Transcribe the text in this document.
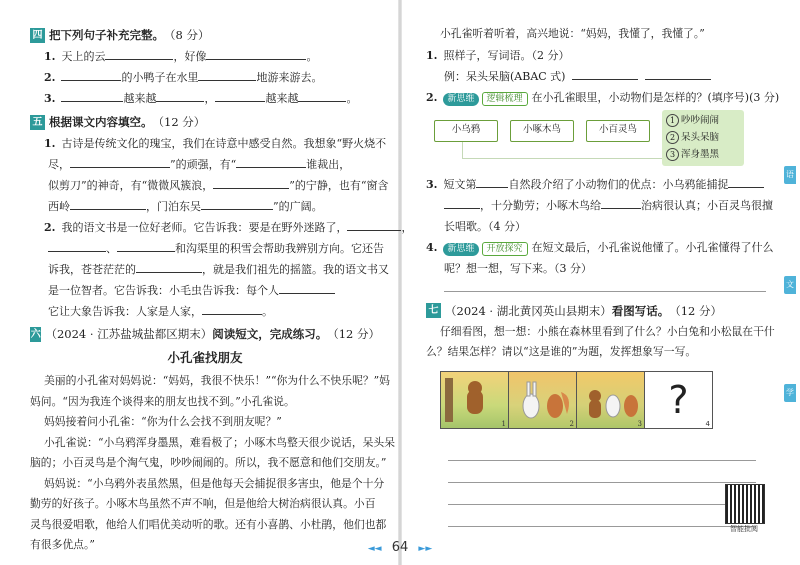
四 把下列句子补充完整。 （8 分）
1. 天上的云	，好像	。
2.	的小鸭子在水里	地游来游去。
3.	越来越	，	越来越	。
五 根据课文内容填空。 （12 分）
1. 古诗是传统文化的瑰宝，我们在诗意中感受自然。我想象“野火烧不
尽，	”的顽强，有“	谁裁出，
似剪刀”的神奇，有“微微风簇浪，	”的宁静，也有“窗含
西岭	，门泊东吴	”的广阔。
2. 我的语文书是一位好老师。它告诉我：要是在野外迷路了，	，
、	和沟渠里的积雪会帮助我辨别方向。它还告
诉我，苍苍茫茫的	，就是我们祖先的摇篮。我的语文书又
是一位智者。它告诉我：小毛虫告诉我：每个人
它让大象告诉我：人家是人家，	。
六 （2024 · 江苏盐城盐都区期末） 阅读短文，完成练习。 （12 分）
小孔雀找朋友
美丽的小孔雀对妈妈说：“妈妈，我很不快乐！”“你为什么不快乐呢？”妈
妈问。“因为我连个谈得来的朋友也找不到。”小孔雀说。
妈妈接着问小孔雀：“你为什么会找不到朋友呢？”
小孔雀说：“小乌鸦浑身墨黑，难看极了；小啄木鸟整天很少说话，呆头呆
脑的；小百灵鸟是个淘气鬼，吵吵闹闹的。所以，我不愿意和他们交朋友。”
妈妈说：“小乌鸦外表虽然黑，但是他每天会捕捉很多害虫，他是个十分
勤劳的好孩子。小啄木鸟虽然不声不响，但是他给大树治病很认真。小百
灵鸟很爱唱歌，他给人们唱优美动听的歌。还有小喜鹊、小杜鹃，他们也都
有很多优点。”
小孔雀听着听着，高兴地说：“妈妈，我懂了，我懂了。”
1. 照样子，写词语。（2 分）
例：呆头呆脑(ABAC 式)
2. 新思维 逻辑梳理 在小孔雀眼里，小动物们是怎样的？(填序号)(3 分)
小乌鸦	小啄木鸟	小百灵鸟
1 吵吵闹闹
2 呆头呆脑
3 浑身墨黑
3. 短文第	自然段介绍了小动物们的优点：小乌鸦能捕捉
，十分勤劳；小啄木鸟给	治病很认真；小百灵鸟很擅
长唱歌。（4 分）
4. 新思维 开放探究 在短文最后，小孔雀说他懂了。小孔雀懂得了什么
呢？想一想，写下来。（3 分）
七 （2024 · 湖北黄冈英山县期末） 看图写话。 （12 分）
仔细看图，想一想：小熊在森林里看到了什么？小白兔和小松鼠在干什
么？结果怎样？请以“这是谁的”为题，发挥想象写一写。
1	2	3
?
4
智能批阅
语
文
学
◄◄ 64 ►►
